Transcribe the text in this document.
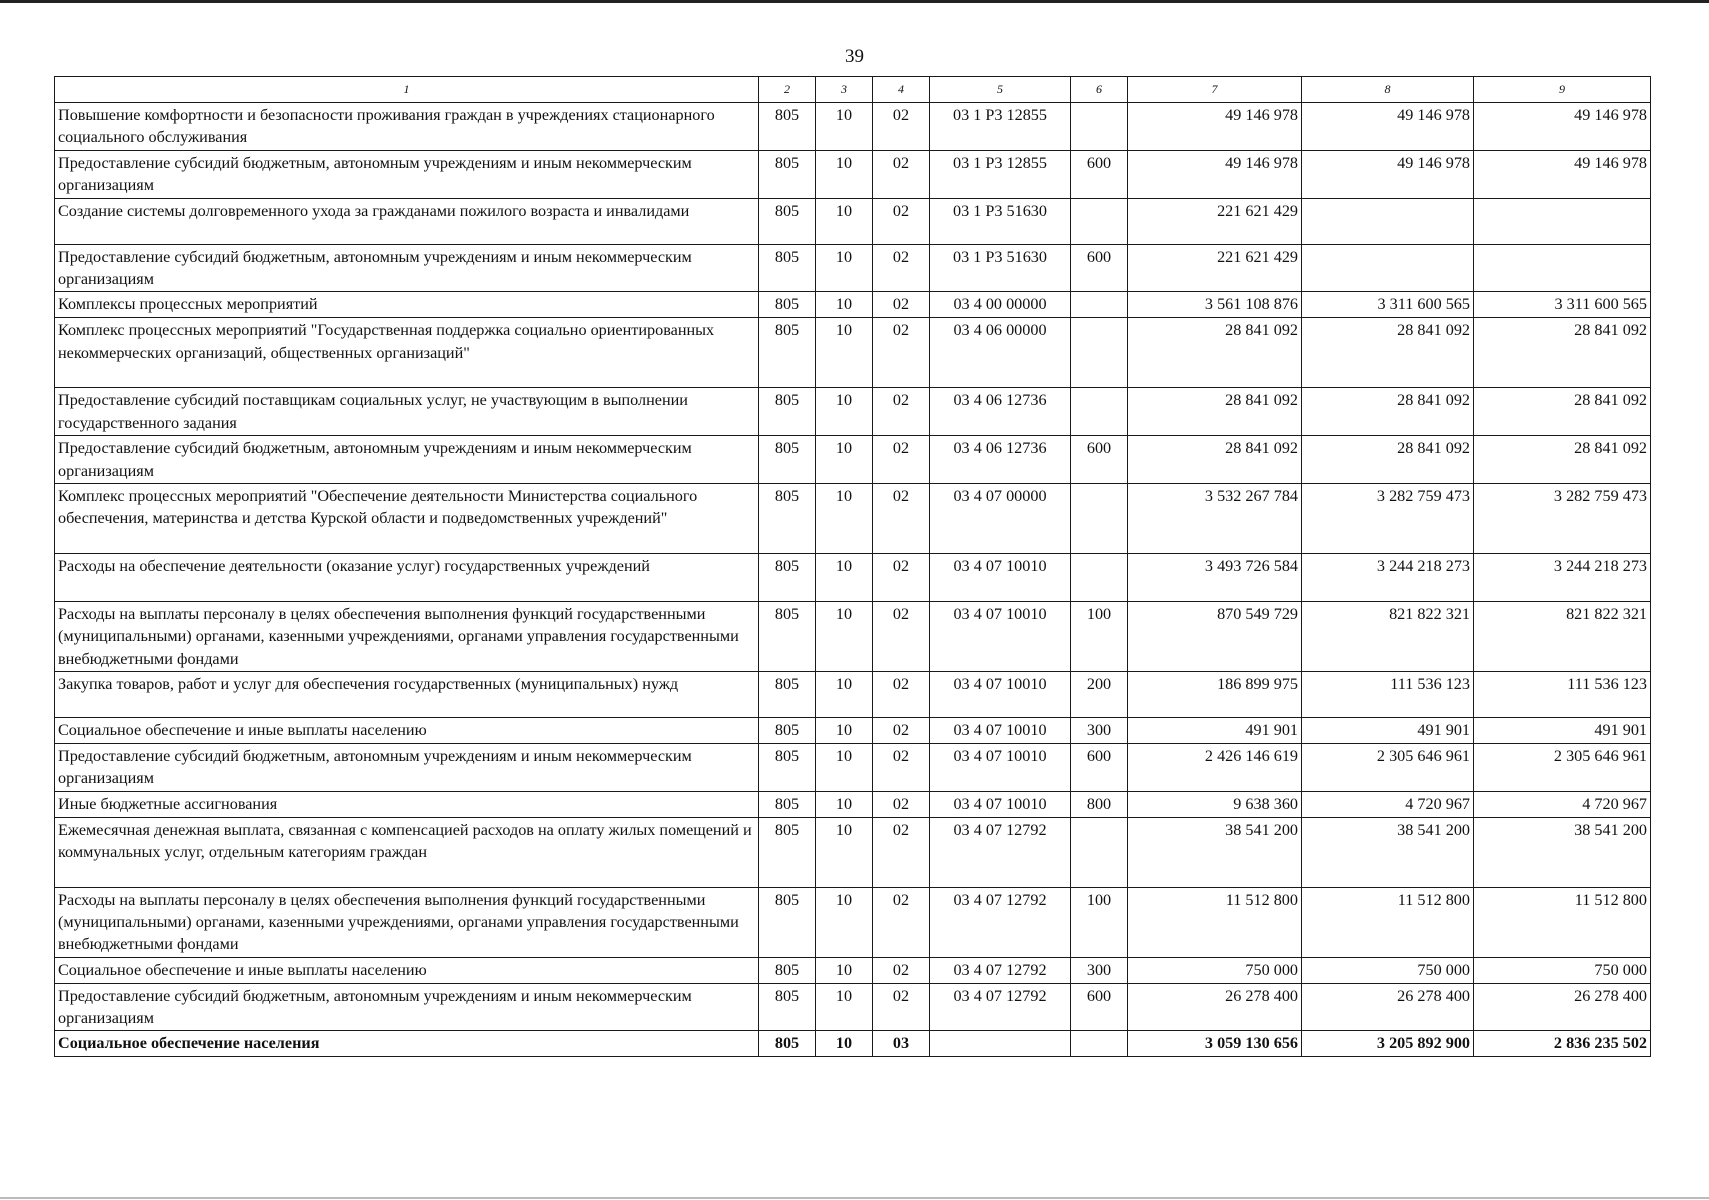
39
1	2	3	4	5	6	7	8	9
Повышение комфортности и безопасности проживания граждан в учреждениях стационарного социального обслуживания	805	10	02	03 1 Р3 12855		49 146 978	49 146 978	49 146 978
Предоставление субсидий бюджетным, автономным учреждениям и иным некоммерческим организациям	805	10	02	03 1 Р3 12855	600	49 146 978	49 146 978	49 146 978
Создание системы долговременного ухода за гражданами пожилого возраста и инвалидами	805	10	02	03 1 Р3 51630		221 621 429		
Предоставление субсидий бюджетным, автономным учреждениям и иным некоммерческим организациям	805	10	02	03 1 Р3 51630	600	221 621 429		
Комплексы процессных мероприятий	805	10	02	03 4 00 00000		3 561 108 876	3 311 600 565	3 311 600 565
Комплекс процессных мероприятий "Государственная поддержка социально ориентированных некоммерческих организаций, общественных организаций"	805	10	02	03 4 06 00000		28 841 092	28 841 092	28 841 092
Предоставление субсидий поставщикам социальных услуг, не участвующим в выполнении государственного задания	805	10	02	03 4 06 12736		28 841 092	28 841 092	28 841 092
Предоставление субсидий бюджетным, автономным учреждениям и иным некоммерческим организациям	805	10	02	03 4 06 12736	600	28 841 092	28 841 092	28 841 092
Комплекс процессных мероприятий "Обеспечение деятельности Министерства социального обеспечения, материнства и детства Курской области и подведомственных учреждений"	805	10	02	03 4 07 00000		3 532 267 784	3 282 759 473	3 282 759 473
Расходы на обеспечение деятельности (оказание услуг) государственных учреждений	805	10	02	03 4 07 10010		3 493 726 584	3 244 218 273	3 244 218 273
Расходы на выплаты персоналу в целях обеспечения выполнения функций государственными (муниципальными) органами, казенными учреждениями, органами управления государственными внебюджетными фондами	805	10	02	03 4 07 10010	100	870 549 729	821 822 321	821 822 321
Закупка товаров, работ и услуг для обеспечения государственных (муниципальных) нужд	805	10	02	03 4 07 10010	200	186 899 975	111 536 123	111 536 123
Социальное обеспечение и иные выплаты населению	805	10	02	03 4 07 10010	300	491 901	491 901	491 901
Предоставление субсидий бюджетным, автономным учреждениям и иным некоммерческим организациям	805	10	02	03 4 07 10010	600	2 426 146 619	2 305 646 961	2 305 646 961
Иные бюджетные ассигнования	805	10	02	03 4 07 10010	800	9 638 360	4 720 967	4 720 967
Ежемесячная денежная выплата, связанная с компенсацией расходов на оплату жилых помещений и коммунальных услуг, отдельным категориям граждан	805	10	02	03 4 07 12792		38 541 200	38 541 200	38 541 200
Расходы на выплаты персоналу в целях обеспечения выполнения функций государственными (муниципальными) органами, казенными учреждениями, органами управления государственными внебюджетными фондами	805	10	02	03 4 07 12792	100	11 512 800	11 512 800	11 512 800
Социальное обеспечение и иные выплаты населению	805	10	02	03 4 07 12792	300	750 000	750 000	750 000
Предоставление субсидий бюджетным, автономным учреждениям и иным некоммерческим организациям	805	10	02	03 4 07 12792	600	26 278 400	26 278 400	26 278 400
Социальное обеспечение населения	805	10	03			3 059 130 656	3 205 892 900	2 836 235 502
